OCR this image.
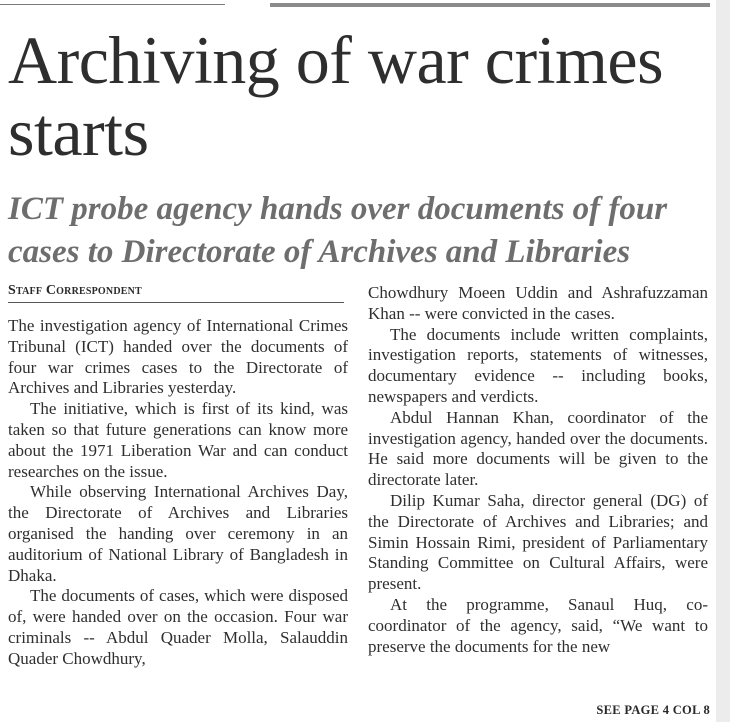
Archiving of war crimes starts
ICT probe agency hands over documents of four cases to Directorate of Archives and Libraries
Staff Correspondent

The investigation agency of International Crimes Tribunal (ICT) handed over the documents of four war crimes cases to the Directorate of Archives and Libraries yesterday.

The initiative, which is first of its kind, was taken so that future generations can know more about the 1971 Liberation War and can conduct researches on the issue.

While observing International Archives Day, the Directorate of Archives and Libraries organised the handing over ceremony in an auditorium of National Library of Bangladesh in Dhaka.

The documents of cases, which were disposed of, were handed over on the occasion. Four war criminals -- Abdul Quader Molla, Salauddin Quader Chowdhury,

Chowdhury Moeen Uddin and Ashrafuzzaman Khan -- were convicted in the cases.

The documents include written complaints, investigation reports, statements of witnesses, documentary evidence -- including books, newspapers and verdicts.

Abdul Hannan Khan, coordinator of the investigation agency, handed over the documents. He said more documents will be given to the directorate later.

Dilip Kumar Saha, director general (DG) of the Directorate of Archives and Libraries; and Simin Hossain Rimi, president of Parliamentary Standing Committee on Cultural Affairs, were present.

At the programme, Sanaul Huq, co-coordinator of the agency, said, “We want to preserve the documents for the new

SEE PAGE 4 COL 8
